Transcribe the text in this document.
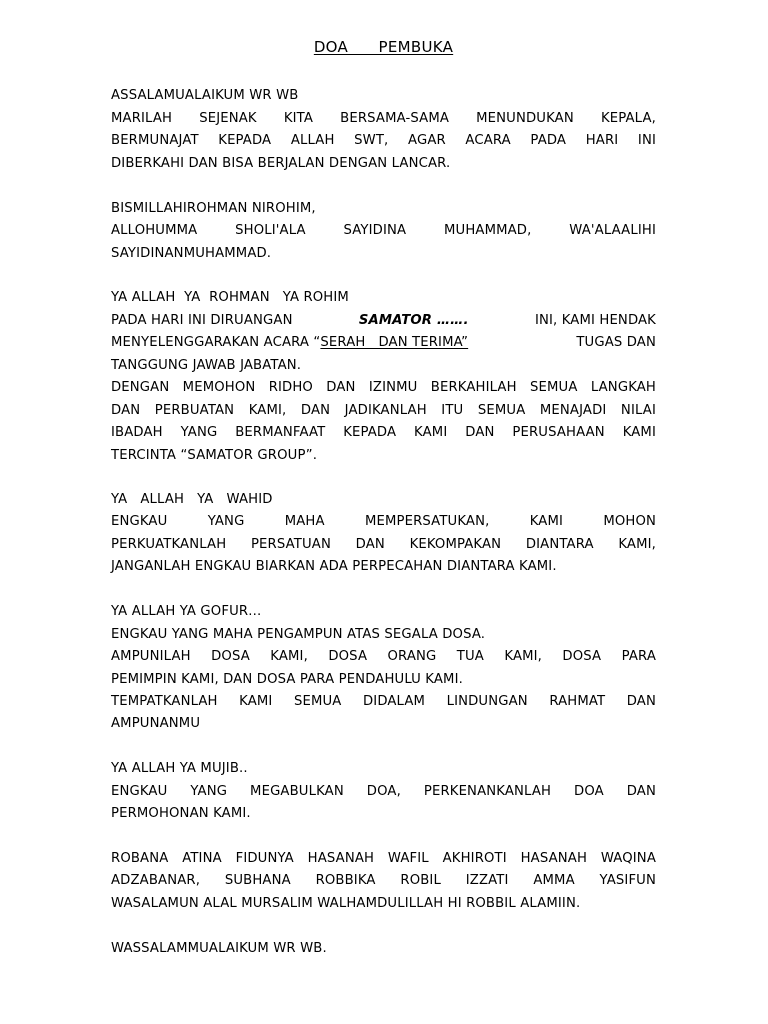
DOA      PEMBUKA
ASSALAMUALAIKUM WR WB
MARILAH SEJENAK KITA BERSAMA-SAMA MENUNDUKAN KEPALA,
BERMUNAJAT KEPADA ALLAH SWT, AGAR ACARA PADA HARI INI
DIBERKAHI DAN BISA BERJALAN DENGAN LANCAR.
BISMILLAHIROHMAN NIROHIM,
ALLOHUMMA SHOLI'ALA SAYIDINA MUHAMMAD, WA'ALAALIHI
SAYIDINANMUHAMMAD.
YA ALLAH  YA  ROHMAN   YA ROHIM
PADA HARI INI DIRUANGAN	SAMATOR …….	INI, KAMI HENDAK
MENYELENGGARAKAN ACARA “SERAH   DAN TERIMA”	TUGAS DAN
TANGGUNG JAWAB JABATAN.
DENGAN MEMOHON RIDHO DAN IZINMU BERKAHILAH SEMUA LANGKAH
DAN PERBUATAN KAMI, DAN JADIKANLAH ITU SEMUA MENAJADI NILAI
IBADAH YANG BERMANFAAT KEPADA KAMI DAN PERUSAHAAN KAMI
TERCINTA “SAMATOR GROUP”.
YA   ALLAH   YA   WAHID
ENGKAU YANG MAHA MEMPERSATUKAN, KAMI MOHON
PERKUATKANLAH PERSATUAN DAN KEKOMPAKAN DIANTARA KAMI,
JANGANLAH ENGKAU BIARKAN ADA PERPECAHAN DIANTARA KAMI.
YA ALLAH YA GOFUR…
ENGKAU YANG MAHA PENGAMPUN ATAS SEGALA DOSA.
AMPUNILAH DOSA KAMI, DOSA ORANG TUA KAMI, DOSA PARA
PEMIMPIN KAMI, DAN DOSA PARA PENDAHULU KAMI.
TEMPATKANLAH KAMI SEMUA DIDALAM LINDUNGAN RAHMAT DAN
AMPUNANMU
YA ALLAH YA MUJIB..
ENGKAU YANG MEGABULKAN DOA, PERKENANKANLAH DOA DAN
PERMOHONAN KAMI.
ROBANA ATINA FIDUNYA HASANAH WAFIL AKHIROTI HASANAH WAQINA
ADZABANAR, SUBHANA ROBBIKA ROBIL IZZATI AMMA YASIFUN
WASALAMUN ALAL MURSALIM WALHAMDULILLAH HI ROBBIL ALAMIIN.
WASSALAMMUALAIKUM WR WB.
